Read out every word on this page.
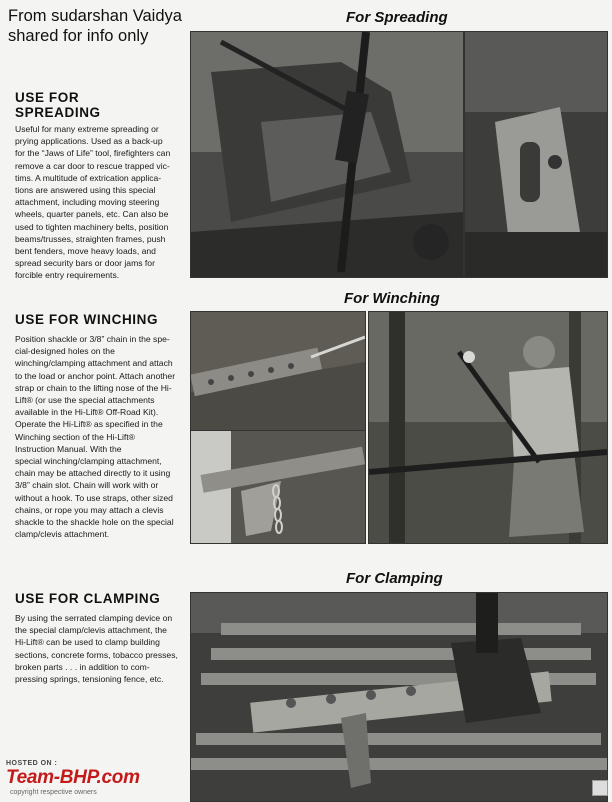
From sudarshan Vaidya
shared for info only
USE FOR
SPREADING
Useful for many extreme spreading or
prying applications. Used as a back-up
for the “Jaws of Life” tool, firefighters can
remove a car door to rescue trapped vic-
tims. A multitude of extrication applica-
tions are answered using this special
attachment, including moving steering
wheels, quarter panels, etc. Can also be
used to tighten machinery belts, position
beams/trusses, straighten frames, push
bent fenders, move heavy loads, and
spread security bars or door jams for
forcible entry requirements.
For Spreading
For Winching
USE FOR WINCHING
Position shackle or 3/8” chain in the spe-
cial-designed holes on the
winching/clamping attachment and attach
to the load or anchor point. Attach another
strap or chain to the lifting nose of the Hi-
Lift® (or use the special attachments
available in the Hi-Lift® Off-Road Kit).
Operate the Hi-Lift® as specified in the
Winching section of the Hi-Lift®
Instruction Manual. With the
special winching/clamping attachment,
chain may be attached directly to it using
3/8” chain slot. Chain will work with or
without a hook. To use straps, other sized
chains, or rope you may attach a clevis
shackle to the shackle hole on the special
clamp/clevis attachment.
For Clamping
USE FOR CLAMPING
By using the serrated clamping device on
the special clamp/clevis attachment, the
Hi-Lift® can be used to clamp building
sections, concrete forms, tobacco presses,
broken parts . . . in addition to com-
pressing springs, tensioning fence, etc.
HOSTED ON :
Team-BHP.com
copyright respective owners
